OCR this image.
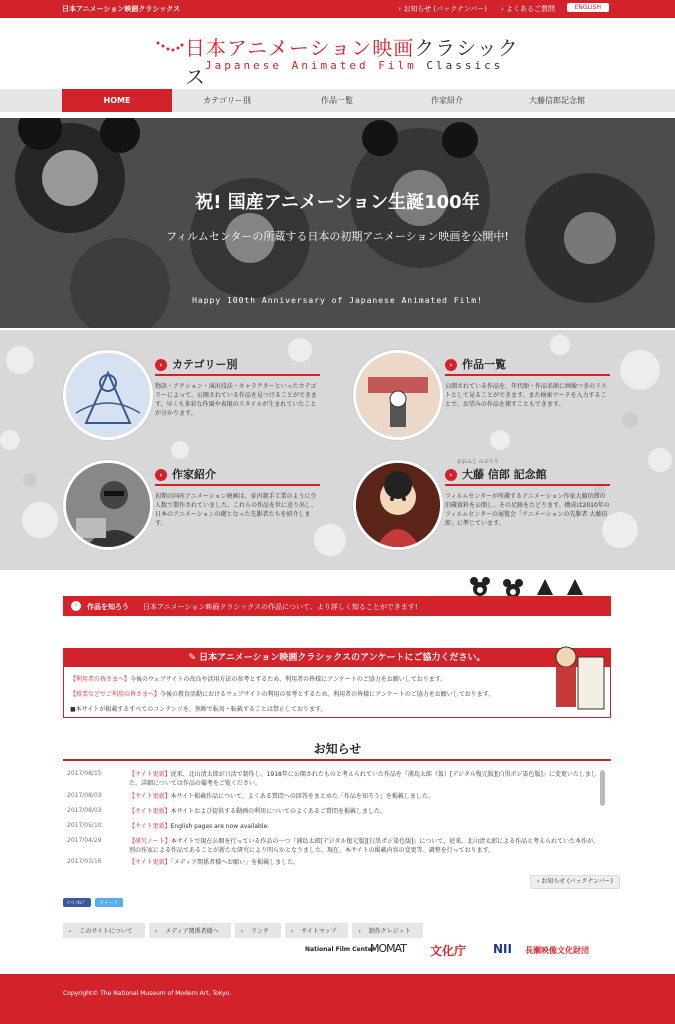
日本アニメーション映画クラシックス	› お知らせ (バックナンバー) › よくあるご質問	ENGLISH
日本アニメーション映画クラシックス Japanese Animated Film Classics
HOME	カテゴリー別	作品一覧	作家紹介	大藤信郎記念館
祝! 国産アニメーション生誕100年
フィルムセンターの所蔵する日本の初期アニメーション映画を公開中!
Happy 100th Anniversary of Japanese Animated Film!
› カテゴリー別
物語・アクション・演出技法・キャラクターといったカテゴリーによって、公開されている作品を見つけることができます。早くも多彩な作風や表現のスタイルが生まれていたことが分かります。
› 作品一覧
公開されている作品を、年代順・作品名順に画像つきのリストとして見ることができます。また検索ワードを入力することで、お望みの作品を探すこともできます。
› 作家紹介
初期の国産アニメーション映画は、家内制手工業のように少人数で製作されていました。これらの作品を世に送り出し、日本のアニメーションの礎となった先駆者たちを紹介します。
› 大藤 信郎 記念館
おおふじ のぶろう
フィルムセンターが所蔵するアニメーション作家大藤信郎の旧蔵資料を公開し、その足跡をたどります。構成は2010年のフィルムセンターの展覧会「アニメーションの先駆者 大藤信郎」に準じています。
›	作品を知ろう 日本アニメーション映画クラシックスの作品について、より詳しく知ることができます!
✎ 日本アニメーション映画クラシックスのアンケートにご協力ください。
【利用者の皆さまへ】今後のウェブサイトの改良や活用方法の参考とするため、利用者の皆様にアンケートのご協力をお願いしております。
【授業などでご利用の皆さまへ】今後の教育活動におけるウェブサイトの利用の参考とするため、利用者の皆様にアンケートのご協力をお願いしております。
■本サイトが掲載するすべてのコンテンツを、無断で転用・転載することは禁止しております。
お知らせ
2017/08/15	【サイト更新】従来、北山清太郎が日活で制作し、1918年に公開されたものと考えられていた作品を『浦島太郎（仮）[デジタル復元版][白黒ポジ染色版]』に変更いたしました。詳細については作品の備考をご覧ください。
2017/08/03	【サイト更新】本サイト掲載作品について、よくある質問への回答をまとめた「作品を知ろう」を掲載しました。
2017/08/03	【サイト更新】本サイトおよび提供する動画の利用についてのよくあるご質問を掲載しました。
2017/05/10	【サイト更新】English pages are now available.
2017/04/29	【研究ノート】本サイトで現在公開を行っている作品の一つ『浦島太郎[デジタル復元版][白黒ポジ染色版]』について、従来、北山清太郎による作品と考えられていた本作が、別の作家による作品であることが新たな研究により明らかとなりました。現在、本サイトの掲載内容の変更等、調整を行っております。
2017/03/16	【サイト更新】「メディア関係者様へお願い」を掲載しました。
› お知らせ (バックナンバー)
いいね！	ツイート
› このサイトについて	› メディア関係者様へ	› リンク	› サイトマップ	› 制作クレジット
National Film Center
MOMAT 文化庁 NII 長瀬映像文化財団
Copyright© The National Museum of Modern Art, Tokyo.
